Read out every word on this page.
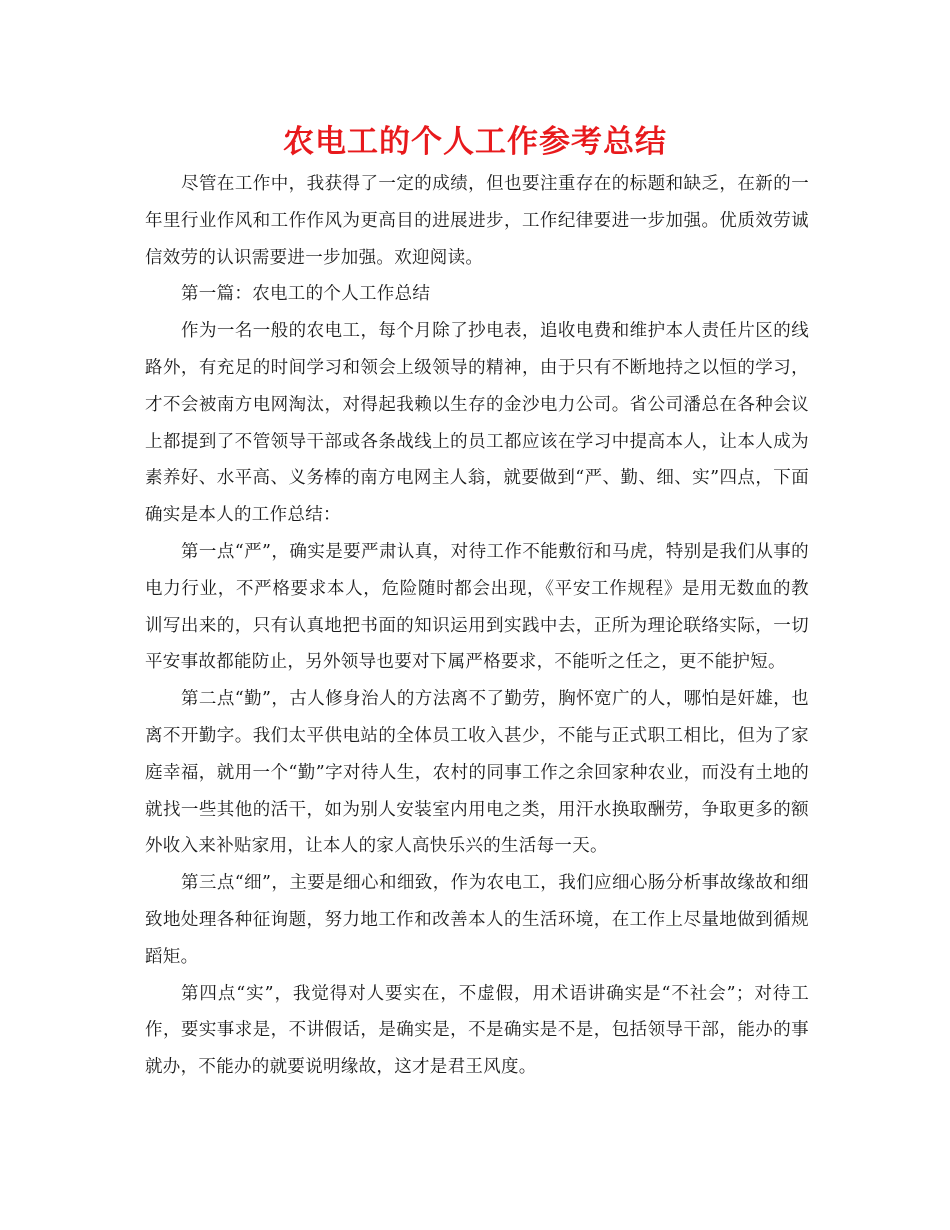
农电工的个人工作参考总结

尽管在工作中，我获得了一定的成绩，但也要注重存在的标题和缺乏，在新的一年里行业作风和工作作风为更高目的进展进步，工作纪律要进一步加强。优质效劳诚信效劳的认识需要进一步加强。欢迎阅读。

第一篇：农电工的个人工作总结

作为一名一般的农电工，每个月除了抄电表，追收电费和维护本人责任片区的线路外，有充足的时间学习和领会上级领导的精神，由于只有不断地持之以恒的学习，才不会被南方电网淘汰，对得起我赖以生存的金沙电力公司。省公司潘总在各种会议上都提到了不管领导干部或各条战线上的员工都应该在学习中提高本人，让本人成为素养好、水平高、义务棒的南方电网主人翁，就要做到“严、勤、细、实”四点，下面确实是本人的工作总结：

第一点“严”，确实是要严肃认真，对待工作不能敷衍和马虎，特别是我们从事的电力行业，不严格要求本人，危险随时都会出现，《平安工作规程》是用无数血的教训写出来的，只有认真地把书面的知识运用到实践中去，正所为理论联络实际，一切平安事故都能防止，另外领导也要对下属严格要求，不能听之任之，更不能护短。

第二点“勤”，古人修身治人的方法离不了勤劳，胸怀宽广的人，哪怕是奸雄，也离不开勤字。我们太平供电站的全体员工收入甚少，不能与正式职工相比，但为了家庭幸福，就用一个“勤”字对待人生，农村的同事工作之余回家种农业，而没有土地的就找一些其他的活干，如为别人安装室内用电之类，用汗水换取酬劳，争取更多的额外收入来补贴家用，让本人的家人高快乐兴的生活每一天。

第三点“细”，主要是细心和细致，作为农电工，我们应细心肠分析事故缘故和细致地处理各种征询题，努力地工作和改善本人的生活环境，在工作上尽量地做到循规蹈矩。

第四点“实”，我觉得对人要实在，不虚假，用术语讲确实是“不社会”；对待工作，要实事求是，不讲假话，是确实是，不是确实是不是，包括领导干部，能办的事就办，不能办的就要说明缘故，这才是君王风度。
